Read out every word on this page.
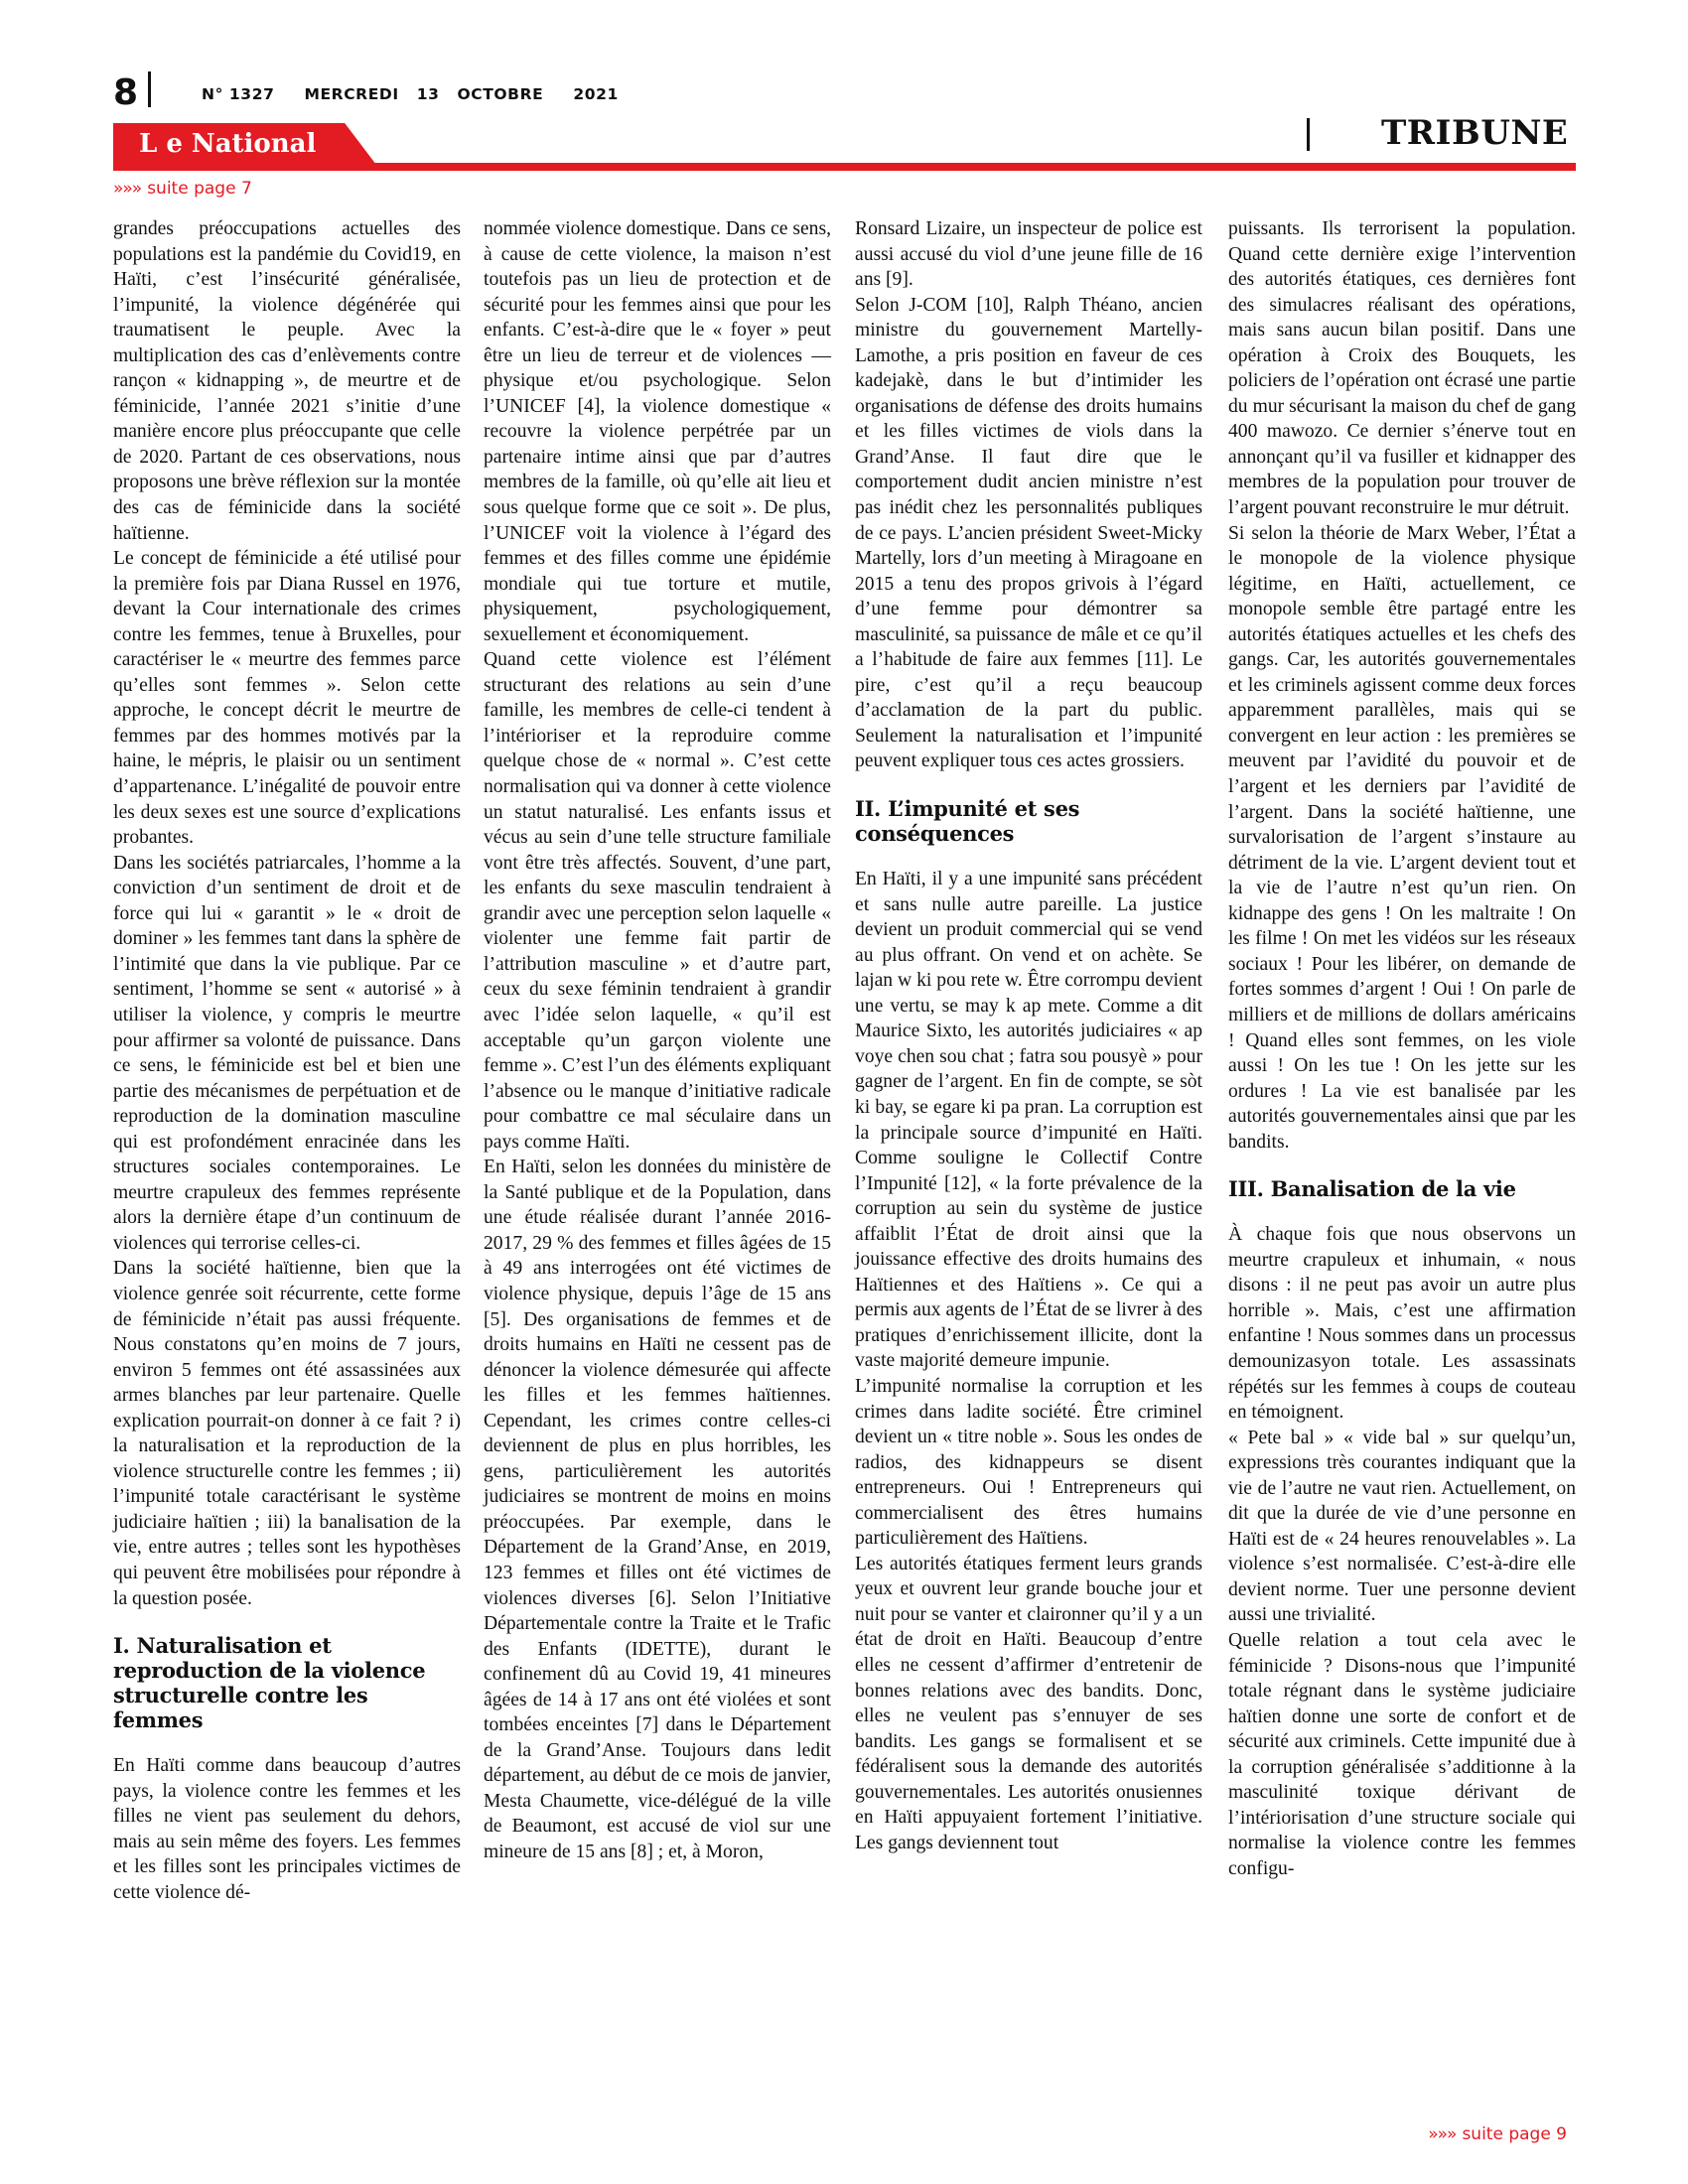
8	N° 1327 MERCREDI   13   OCTOBRE 2021
L e National	TRIBUNE
»»» suite page 7

grandes préoccupations actuelles des populations est la pandémie du Covid19, en Haïti, c’est l’insécurité généralisée, l’impunité, la violence dégénérée qui traumatisent le peuple. Avec la multiplication des cas d’enlèvements contre rançon « kidnapping », de meurtre et de féminicide, l’année 2021 s’initie d’une manière encore plus préoccupante que celle de 2020. Partant de ces observations, nous proposons une brève réflexion sur la montée des cas de féminicide dans la société haïtienne.

Le concept de féminicide a été utilisé pour la première fois par Diana Russel en 1976, devant la Cour internationale des crimes contre les femmes, tenue à Bruxelles, pour caractériser le « meurtre des femmes parce qu’elles sont femmes ». Selon cette approche, le concept décrit le meurtre de femmes par des hommes motivés par la haine, le mépris, le plaisir ou un sentiment d’appartenance. L’inégalité de pouvoir entre les deux sexes est une source d’explications probantes.

Dans les sociétés patriarcales, l’homme a la conviction d’un sentiment de droit et de force qui lui « garantit » le « droit de dominer » les femmes tant dans la sphère de l’intimité que dans la vie publique. Par ce sentiment, l’homme se sent « autorisé » à utiliser la violence, y compris le meurtre pour affirmer sa volonté de puissance. Dans ce sens, le féminicide est bel et bien une partie des mécanismes de perpétuation et de reproduction de la domination masculine qui est profondément enracinée dans les structures sociales contemporaines. Le meurtre crapuleux des femmes représente alors la dernière étape d’un continuum de violences qui terrorise celles-ci.

Dans la société haïtienne, bien que la violence genrée soit récurrente, cette forme de féminicide n’était pas aussi fréquente. Nous constatons qu’en moins de 7 jours, environ 5 femmes ont été assassinées aux armes blanches par leur partenaire. Quelle explication pourrait-on donner à ce fait ? i) la naturalisation et la reproduction de la violence structurelle contre les femmes ; ii) l’impunité totale caractérisant le système judiciaire haïtien ; iii) la banalisation de la vie, entre autres ; telles sont les hypothèses qui peuvent être mobilisées pour répondre à la question posée.

I. Naturalisation et reproduction de la violence structurelle contre les femmes

En Haïti comme dans beaucoup d’autres pays, la violence contre les femmes et les filles ne vient pas seulement du dehors, mais au sein même des foyers. Les femmes et les filles sont les principales victimes de cette violence dé-

nommée violence domestique. Dans ce sens, à cause de cette violence, la maison n’est toutefois pas un lieu de protection et de sécurité pour les femmes ainsi que pour les enfants. C’est-à-dire que le « foyer » peut être un lieu de terreur et de violences — physique et/ou psychologique. Selon l’UNICEF [4], la violence domestique « recouvre la violence perpétrée par un partenaire intime ainsi que par d’autres membres de la famille, où qu’elle ait lieu et sous quelque forme que ce soit ». De plus, l’UNICEF voit la violence à l’égard des femmes et des filles comme une épidémie mondiale qui tue torture et mutile, physiquement, psychologiquement, sexuellement et économiquement.

Quand cette violence est l’élément structurant des relations au sein d’une famille, les membres de celle-ci tendent à l’intérioriser et la reproduire comme quelque chose de « normal ». C’est cette normalisation qui va donner à cette violence un statut naturalisé. Les enfants issus et vécus au sein d’une telle structure familiale vont être très affectés. Souvent, d’une part, les enfants du sexe masculin tendraient à grandir avec une perception selon laquelle « violenter une femme fait partir de l’attribution masculine » et d’autre part, ceux du sexe féminin tendraient à grandir avec l’idée selon laquelle, « qu’il est acceptable qu’un garçon violente une femme ». C’est l’un des éléments expliquant l’absence ou le manque d’initiative radicale pour combattre ce mal séculaire dans un pays comme Haïti.

En Haïti, selon les données du ministère de la Santé publique et de la Population, dans une étude réalisée durant l’année 2016-2017, 29 % des femmes et filles âgées de 15 à 49 ans interrogées ont été victimes de violence physique, depuis l’âge de 15 ans [5]. Des organisations de femmes et de droits humains en Haïti ne cessent pas de dénoncer la violence démesurée qui affecte les filles et les femmes haïtiennes. Cependant, les crimes contre celles-ci deviennent de plus en plus horribles, les gens, particulièrement les autorités judiciaires se montrent de moins en moins préoccupées. Par exemple, dans le Département de la Grand’Anse, en 2019, 123 femmes et filles ont été victimes de violences diverses [6]. Selon l’Initiative Départementale contre la Traite et le Trafic des Enfants (IDETTE), durant le confinement dû au Covid 19, 41 mineures âgées de 14 à 17 ans ont été violées et sont tombées enceintes [7] dans le Département de la Grand’Anse. Toujours dans ledit département, au début de ce mois de janvier, Mesta Chaumette, vice-délégué de la ville de Beaumont, est accusé de viol sur une mineure de 15 ans [8] ; et, à Moron,

Ronsard Lizaire, un inspecteur de police est aussi accusé du viol d’une jeune fille de 16 ans [9].

Selon J-COM [10], Ralph Théano, ancien ministre du gouvernement Martelly-Lamothe, a pris position en faveur de ces kadejakè, dans le but d’intimider les organisations de défense des droits humains et les filles victimes de viols dans la Grand’Anse. Il faut dire que le comportement dudit ancien ministre n’est pas inédit chez les personnalités publiques de ce pays. L’ancien président Sweet-Micky Martelly, lors d’un meeting à Miragoane en 2015 a tenu des propos grivois à l’égard d’une femme pour démontrer sa masculinité, sa puissance de mâle et ce qu’il a l’habitude de faire aux femmes [11]. Le pire, c’est qu’il a reçu beaucoup d’acclamation de la part du public. Seulement la naturalisation et l’impunité peuvent expliquer tous ces actes grossiers.

II. L’impunité et ses conséquences

En Haïti, il y a une impunité sans précédent et sans nulle autre pareille. La justice devient un produit commercial qui se vend au plus offrant. On vend et on achète. Se lajan w ki pou rete w. Être corrompu devient une vertu, se may k ap mete. Comme a dit Maurice Sixto, les autorités judiciaires « ap voye chen sou chat ; fatra sou pousyè » pour gagner de l’argent. En fin de compte, se sòt ki bay, se egare ki pa pran. La corruption est la principale source d’impunité en Haïti. Comme souligne le Collectif Contre l’Impunité [12], « la forte prévalence de la corruption au sein du système de justice affaiblit l’État de droit ainsi que la jouissance effective des droits humains des Haïtiennes et des Haïtiens ». Ce qui a permis aux agents de l’État de se livrer à des pratiques d’enrichissement illicite, dont la vaste majorité demeure impunie.

L’impunité normalise la corruption et les crimes dans ladite société. Être criminel devient un « titre noble ». Sous les ondes de radios, des kidnappeurs se disent entrepreneurs. Oui ! Entrepreneurs qui commercialisent des êtres humains particulièrement des Haïtiens.

Les autorités étatiques ferment leurs grands yeux et ouvrent leur grande bouche jour et nuit pour se vanter et claironner qu’il y a un état de droit en Haïti. Beaucoup d’entre elles ne cessent d’affirmer d’entretenir de bonnes relations avec des bandits. Donc, elles ne veulent pas s’ennuyer de ses bandits. Les gangs se formalisent et se fédéralisent sous la demande des autorités gouvernementales. Les autorités onusiennes en Haïti appuyaient fortement l’initiative. Les gangs deviennent tout

puissants. Ils terrorisent la population. Quand cette dernière exige l’intervention des autorités étatiques, ces dernières font des simulacres réalisant des opérations, mais sans aucun bilan positif. Dans une opération à Croix des Bouquets, les policiers de l’opération ont écrasé une partie du mur sécurisant la maison du chef de gang 400 mawozo. Ce dernier s’énerve tout en annonçant qu’il va fusiller et kidnapper des membres de la population pour trouver de l’argent pouvant reconstruire le mur détruit.

Si selon la théorie de Marx Weber, l’État a le monopole de la violence physique légitime, en Haïti, actuellement, ce monopole semble être partagé entre les autorités étatiques actuelles et les chefs des gangs. Car, les autorités gouvernementales et les criminels agissent comme deux forces apparemment parallèles, mais qui se convergent en leur action : les premières se meuvent par l’avidité du pouvoir et de l’argent et les derniers par l’avidité de l’argent. Dans la société haïtienne, une survalorisation de l’argent s’instaure au détriment de la vie. L’argent devient tout et la vie de l’autre n’est qu’un rien. On kidnappe des gens ! On les maltraite ! On les filme ! On met les vidéos sur les réseaux sociaux ! Pour les libérer, on demande de fortes sommes d’argent ! Oui ! On parle de milliers et de millions de dollars américains ! Quand elles sont femmes, on les viole aussi ! On les tue ! On les jette sur les ordures ! La vie est banalisée par les autorités gouvernementales ainsi que par les bandits.

III. Banalisation de la vie

À chaque fois que nous observons un meurtre crapuleux et inhumain, « nous disons : il ne peut pas avoir un autre plus horrible ». Mais, c’est une affirmation enfantine ! Nous sommes dans un processus demounizasyon totale. Les assassinats répétés sur les femmes à coups de couteau en témoignent.

« Pete bal » « vide bal » sur quelqu’un, expressions très courantes indiquant que la vie de l’autre ne vaut rien. Actuellement, on dit que la durée de vie d’une personne en Haïti est de « 24 heures renouvelables ». La violence s’est normalisée. C’est-à-dire elle devient norme. Tuer une personne devient aussi une trivialité.

Quelle relation a tout cela avec le féminicide ? Disons-nous que l’impunité totale régnant dans le système judiciaire haïtien donne une sorte de confort et de sécurité aux criminels. Cette impunité due à la corruption généralisée s’additionne à la masculinité toxique dérivant de l’intériorisation d’une structure sociale qui normalise la violence contre les femmes configu-

»»» suite page 9
